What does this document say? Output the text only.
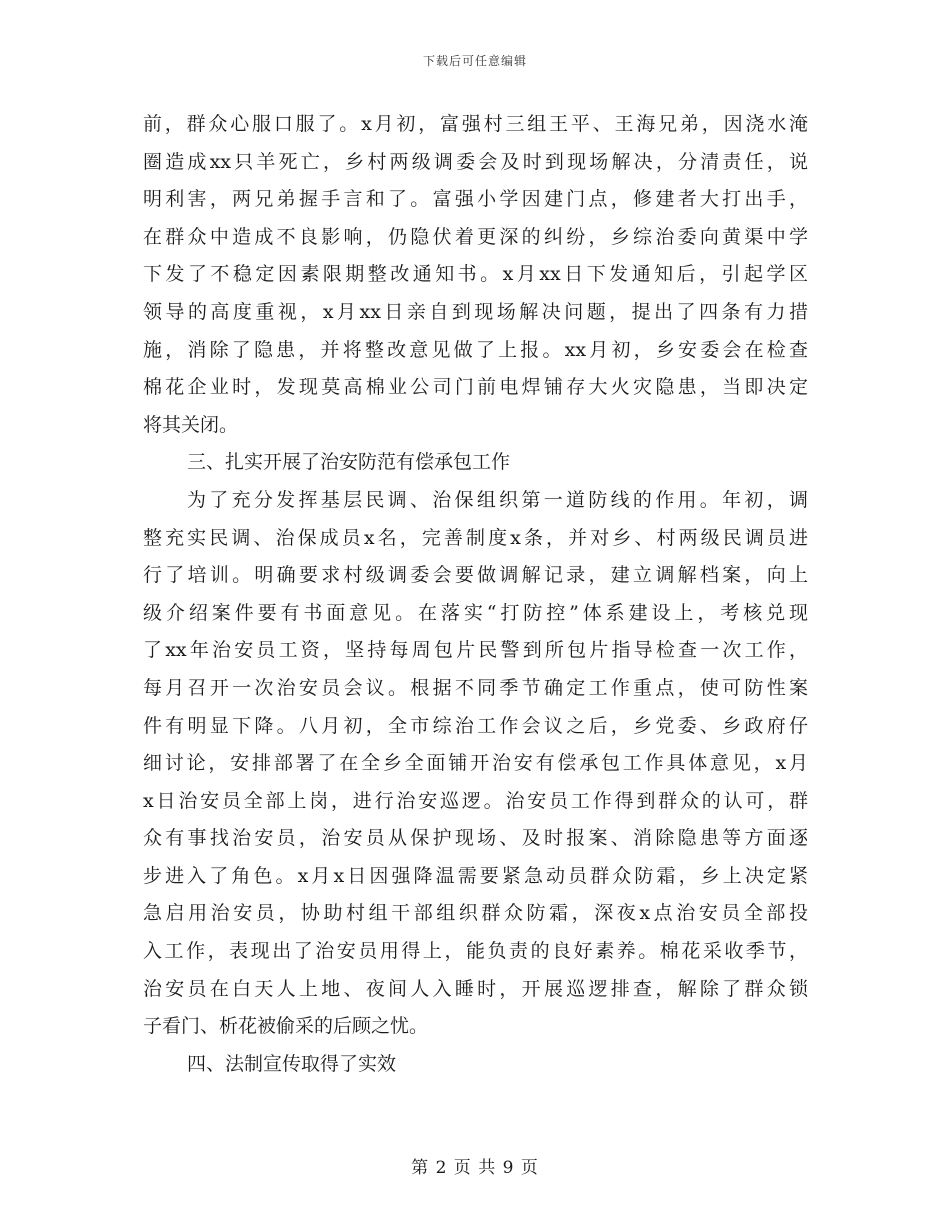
下载后可任意编辑
前，群众心服口服了。x月初，富强村三组王平、王海兄弟，因浇水淹
圈造成xx只羊死亡，乡村两级调委会及时到现场解决，分清责任，说
明利害，两兄弟握手言和了。富强小学因建门点，修建者大打出手，
在群众中造成不良影响，仍隐伏着更深的纠纷，乡综治委向黄渠中学
下发了不稳定因素限期整改通知书。x月xx日下发通知后，引起学区
领导的高度重视，x月xx日亲自到现场解决问题，提出了四条有力措
施，消除了隐患，并将整改意见做了上报。xx月初，乡安委会在检查
棉花企业时，发现莫高棉业公司门前电焊铺存大火灾隐患，当即决定
将其关闭。
三、扎实开展了治安防范有偿承包工作
为了充分发挥基层民调、治保组织第一道防线的作用。年初，调
整充实民调、治保成员x名，完善制度x条，并对乡、村两级民调员进
行了培训。明确要求村级调委会要做调解记录，建立调解档案，向上
级介绍案件要有书面意见。在落实“打防控”体系建设上，考核兑现
了xx年治安员工资，坚持每周包片民警到所包片指导检查一次工作，
每月召开一次治安员会议。根据不同季节确定工作重点，使可防性案
件有明显下降。八月初，全市综治工作会议之后，乡党委、乡政府仔
细讨论，安排部署了在全乡全面铺开治安有偿承包工作具体意见，x月
x日治安员全部上岗，进行治安巡逻。治安员工作得到群众的认可，群
众有事找治安员，治安员从保护现场、及时报案、消除隐患等方面逐
步进入了角色。x月x日因强降温需要紧急动员群众防霜，乡上决定紧
急启用治安员，协助村组干部组织群众防霜，深夜x点治安员全部投
入工作，表现出了治安员用得上，能负责的良好素养。棉花采收季节，
治安员在白天人上地、夜间人入睡时，开展巡逻排查，解除了群众锁
子看门、析花被偷采的后顾之忧。
四、法制宣传取得了实效
第 2 页 共 9 页
